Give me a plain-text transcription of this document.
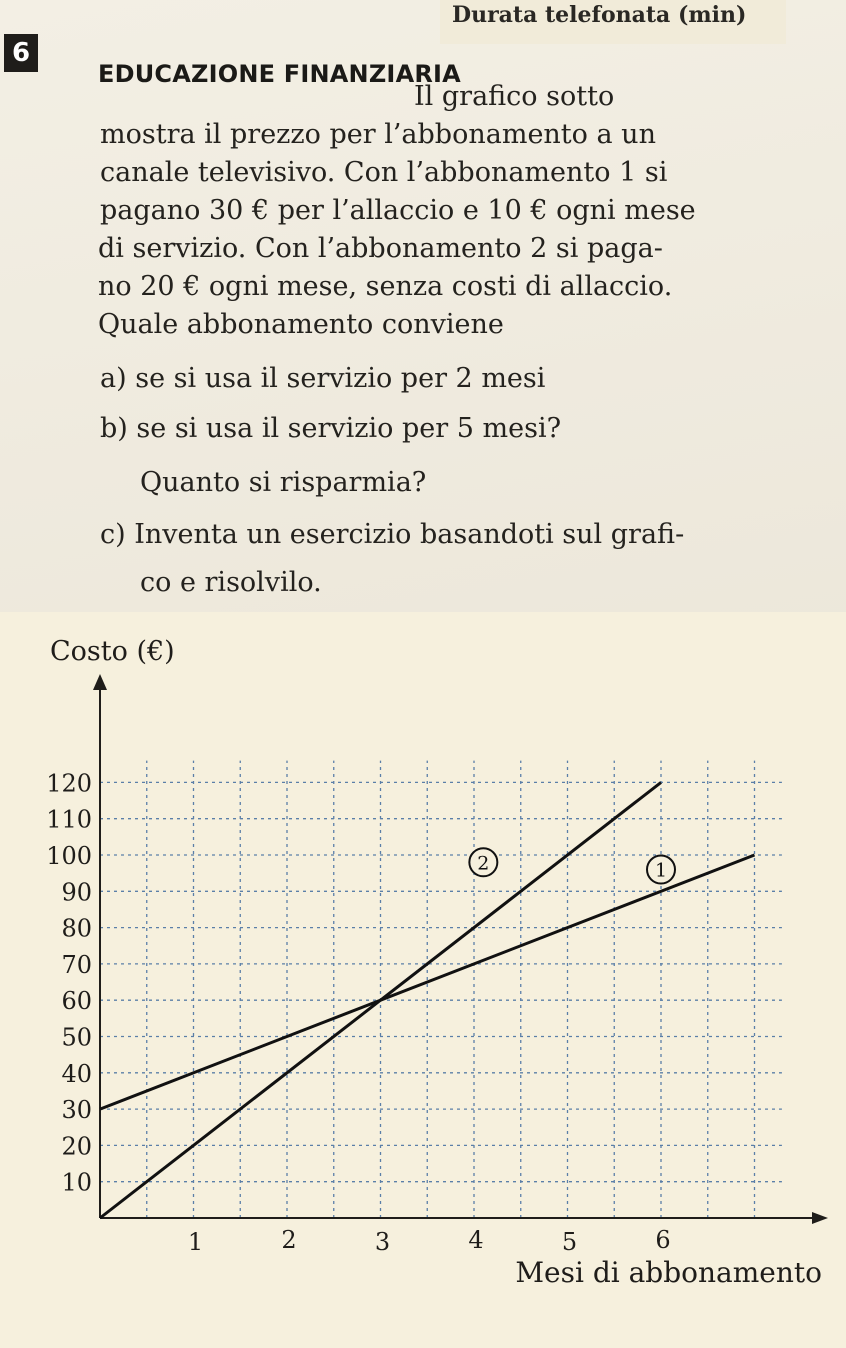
Durata telefonata (min)
6
EDUCAZIONE FINANZIARIA
Il grafico sotto
mostra il prezzo per l’abbonamento a un
canale televisivo. Con l’abbonamento 1 si
pagano 30 € per l’allaccio e 10 € ogni mese
di servizio. Con l’abbonamento 2 si paga-
no 20 € ogni mese, senza costi di allaccio.
Quale abbonamento conviene
a) se si usa il servizio per 2 mesi
b) se si usa il servizio per 5 mesi?
Quanto si risparmia?
c) Inventa un esercizio basandoti sul grafi-
co e risolvilo.
10
20
30
40
50
60
70
80
90
100
110
120
1	2	3	4	5	6
Costo (€)
Mesi di abbonamento
1
2
